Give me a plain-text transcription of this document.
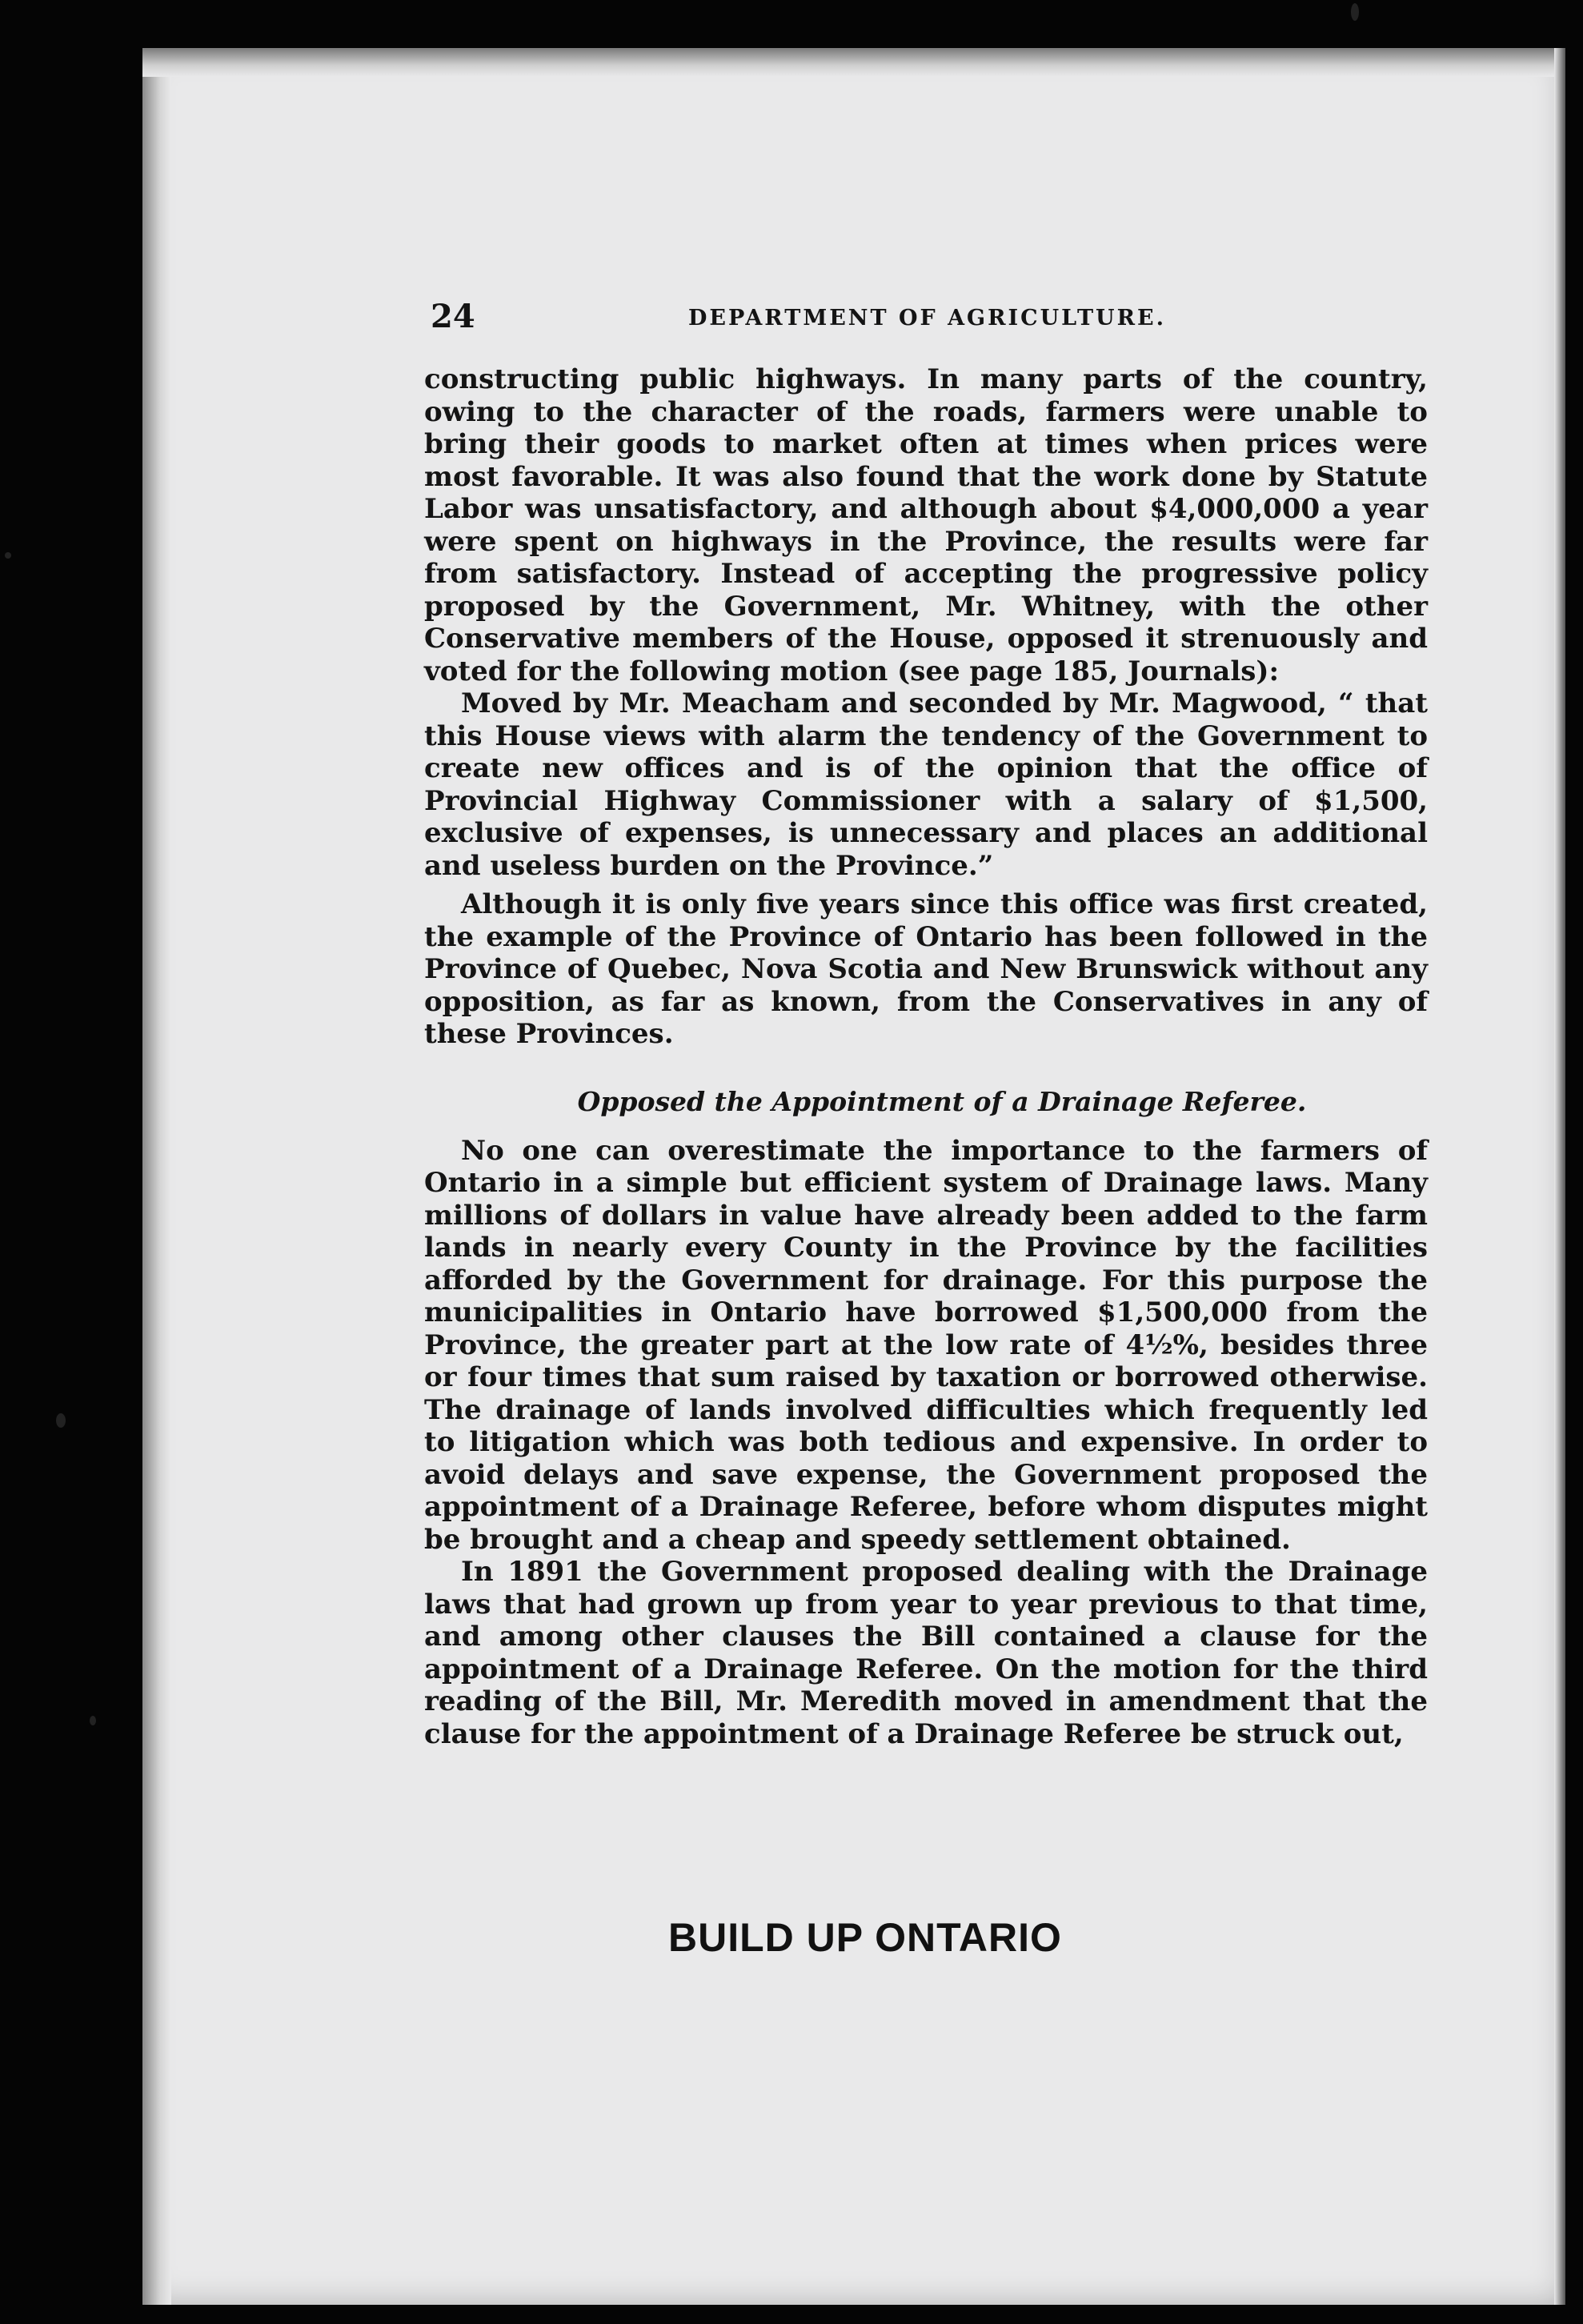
24	DEPARTMENT OF AGRICULTURE.

constructing public highways. In many parts of the country, owing to the character of the roads, farmers were unable to bring their goods to market often at times when prices were most favorable. It was also found that the work done by Statute Labor was unsatisfactory, and although about $4,000,000 a year were spent on highways in the Province, the results were far from satisfactory. Instead of accepting the progressive policy proposed by the Government, Mr. Whitney, with the other Conservative members of the House, opposed it strenuously and voted for the following motion (see page 185, Journals):

Moved by Mr. Meacham and seconded by Mr. Magwood, “ that this House views with alarm the tendency of the Government to create new offices and is of the opinion that the office of Provincial Highway Commissioner with a salary of $1,500, exclusive of expenses, is unnecessary and places an additional and useless burden on the Province.”

Although it is only five years since this office was first created, the example of the Province of Ontario has been followed in the Province of Quebec, Nova Scotia and New Brunswick without any opposition, as far as known, from the Conservatives in any of these Provinces.

Opposed the Appointment of a Drainage Referee.

No one can overestimate the importance to the farmers of Ontario in a simple but efficient system of Drainage laws. Many millions of dollars in value have already been added to the farm lands in nearly every County in the Province by the facilities afforded by the Government for drainage. For this purpose the municipalities in Ontario have borrowed $1,500,000 from the Province, the greater part at the low rate of 4½%, besides three or four times that sum raised by taxation or borrowed otherwise. The drainage of lands involved difficulties which frequently led to litigation which was both tedious and expensive. In order to avoid delays and save expense, the Government proposed the appointment of a Drainage Referee, before whom disputes might be brought and a cheap and speedy settlement obtained.

In 1891 the Government proposed dealing with the Drainage laws that had grown up from year to year previous to that time, and among other clauses the Bill contained a clause for the appointment of a Drainage Referee. On the motion for the third reading of the Bill, Mr. Meredith moved in amendment that the clause for the appointment of a Drainage Referee be struck out,

BUILD UP ONTARIO
